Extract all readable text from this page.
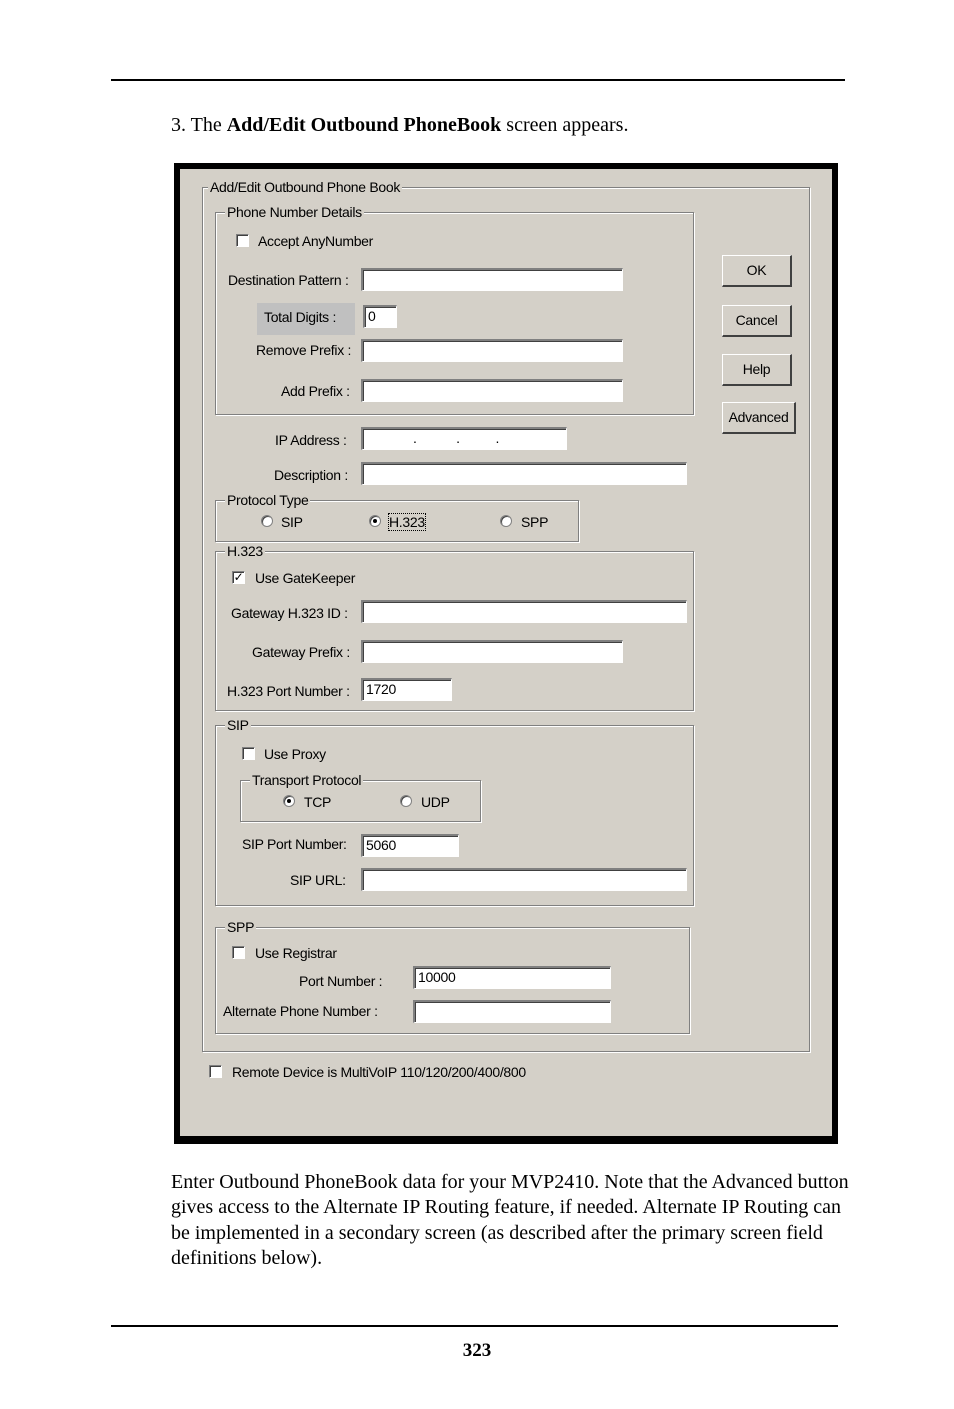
3. The Add/Edit Outbound PhoneBook screen appears.
Add/Edit Outbound Phone Book
Phone Number Details
Accept AnyNumber
Destination Pattern :
Total Digits :	0
Remove Prefix :
Add Prefix :
IP Address :	.           .          .
Description :
Protocol Type
SIP	H.323	SPP
H.323
✓ Use GateKeeper
Gateway H.323 ID :
Gateway Prefix :
H.323 Port Number :	1720
SIP
Use Proxy
Transport Protocol
TCP	UDP
SIP Port Number:	5060
SIP URL:
SPP
Use Registrar
Port Number :	10000
Alternate Phone Number :
Remote Device is MultiVoIP 110/120/200/400/800
OK
Cancel
Help
Advanced
Enter Outbound PhoneBook data for your MVP2410. Note that the Advanced button gives access to the Alternate IP Routing feature, if needed. Alternate IP Routing can be implemented in a secondary screen (as described after the primary screen field definitions below).
323
